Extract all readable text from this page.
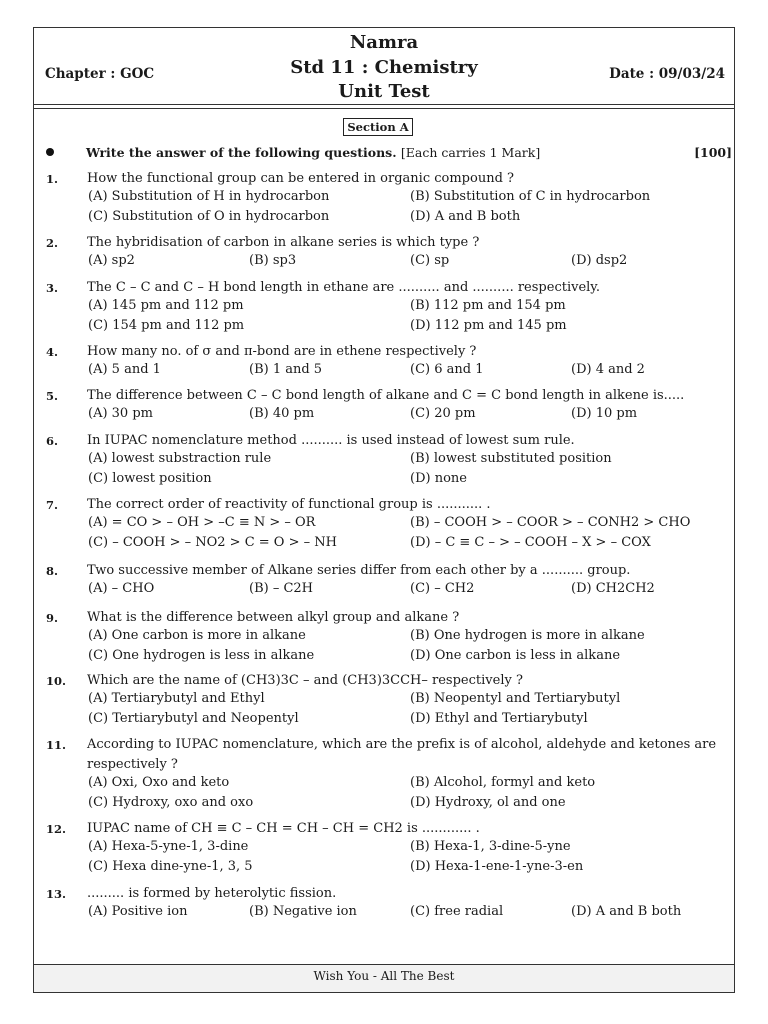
Namra
Std 11 : Chemistry
Unit Test
Chapter : GOC	Date : 09/03/24
Section A
Write the answer of the following questions. [Each carries 1 Mark]	[100]
1. How the functional group can be entered in organic compound ?
(A) Substitution of H in hydrocarbon	(B) Substitution of C in hydrocarbon
(C) Substitution of O in hydrocarbon	(D) A and B both
2. The hybridisation of carbon in alkane series is which type ?
(A) sp2	(B) sp3	(C) sp	(D) dsp2
3. The C – C and C – H bond length in ethane are .......... and .......... respectively.
(A) 145 pm and 112 pm	(B) 112 pm and 154 pm
(C) 154 pm and 112 pm	(D) 112 pm and 145 pm
4. How many no. of σ and π-bond are in ethene respectively ?
(A) 5 and 1	(B) 1 and 5	(C) 6 and 1	(D) 4 and 2
5. The difference between C – C bond length of alkane and C = C bond length in alkene is.....
(A) 30 pm	(B) 40 pm	(C) 20 pm	(D) 10 pm
6. In IUPAC nomenclature method .......... is used instead of lowest sum rule.
(A) lowest substraction rule	(B) lowest substituted position
(C) lowest position	(D) none
7. The correct order of reactivity of functional group is ........... .
(A) = CO > – OH > –C ≡ N > – OR	(B) – COOH > – COOR > – CONH2 > CHO
(C) – COOH > – NO2 > C = O > – NH	(D) – C ≡ C – > – COOH – X > – COX
8. Two successive member of Alkane series differ from each other by a .......... group.
(A) – CHO	(B) – C2H	(C) – CH2	(D) CH2CH2
9. What is the difference between alkyl group and alkane ?
(A) One carbon is more in alkane	(B) One hydrogen is more in alkane
(C) One hydrogen is less in alkane	(D) One carbon is less in alkane
10. Which are the name of (CH3)3C – and (CH3)3CCH– respectively ?
(A) Tertiarybutyl and Ethyl	(B) Neopentyl and Tertiarybutyl
(C) Tertiarybutyl and Neopentyl	(D) Ethyl and Tertiarybutyl
11. According to IUPAC nomenclature, which are the prefix is of alcohol, aldehyde and ketones are respectively ?
(A) Oxi, Oxo and keto	(B) Alcohol, formyl and keto
(C) Hydroxy, oxo and oxo	(D) Hydroxy, ol and one
12. IUPAC name of CH ≡ C – CH = CH – CH = CH2 is ............ .
(A) Hexa-5-yne-1, 3-dine	(B) Hexa-1, 3-dine-5-yne
(C) Hexa dine-yne-1, 3, 5	(D) Hexa-1-ene-1-yne-3-en
13. ......... is formed by heterolytic fission.
(A) Positive ion	(B) Negative ion	(C) free radial	(D) A and B both
Wish You - All The Best
